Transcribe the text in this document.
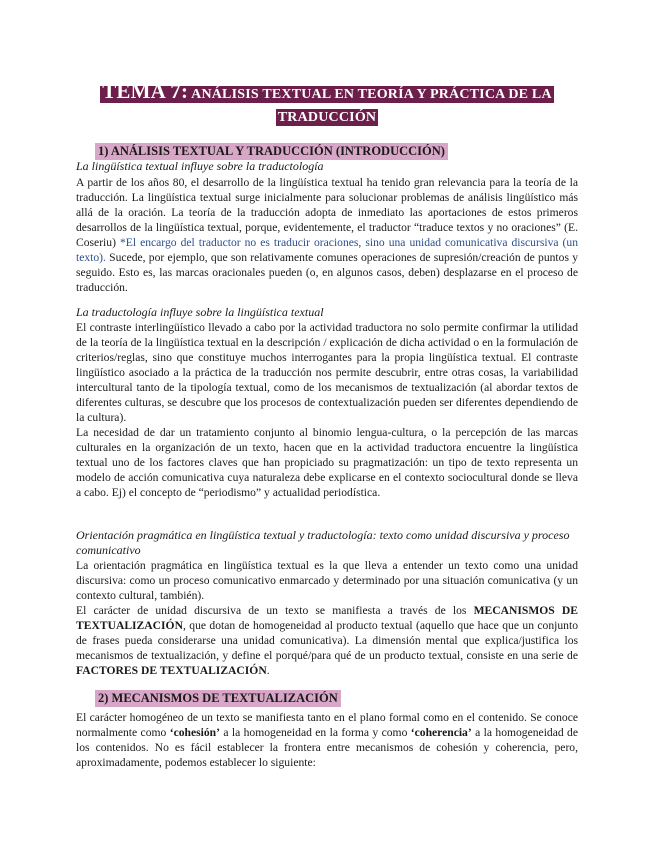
TEMA 7: ANÁLISIS TEXTUAL EN TEORÍA Y PRÁCTICA DE LA TRADUCCIÓN
1) ANÁLISIS TEXTUAL Y TRADUCCIÓN (INTRODUCCIÓN)
La lingüística textual influye sobre la traductología
A partir de los años 80, el desarrollo de la lingüística textual ha tenido gran relevancia para la teoría de la traducción. La lingüística textual surge inicialmente para solucionar problemas de análisis lingüístico más allá de la oración. La teoría de la traducción adopta de inmediato las aportaciones de estos primeros desarrollos de la lingüística textual, porque, evidentemente, el traductor “traduce textos y no oraciones” (E. Coseriu) *El encargo del traductor no es traducir oraciones, sino una unidad comunicativa discursiva (un texto). Sucede, por ejemplo, que son relativamente comunes operaciones de supresión/creación de puntos y seguido. Esto es, las marcas oracionales pueden (o, en algunos casos, deben) desplazarse en el proceso de traducción.
La traductología influye sobre la lingüística textual
El contraste interlingüístico llevado a cabo por la actividad traductora no solo permite confirmar la utilidad de la teoría de la lingüística textual en la descripción / explicación de dicha actividad o en la formulación de criterios/reglas, sino que constituye muchos interrogantes para la propia lingüística textual. El contraste lingüístico asociado a la práctica de la traducción nos permite descubrir, entre otras cosas, la variabilidad intercultural tanto de la tipología textual, como de los mecanismos de textualización (al abordar textos de diferentes culturas, se descubre que los procesos de contextualización pueden ser diferentes dependiendo de la cultura).
La necesidad de dar un tratamiento conjunto al binomio lengua-cultura, o la percepción de las marcas culturales en la organización de un texto, hacen que en la actividad traductora encuentre la lingüística textual uno de los factores claves que han propiciado su pragmatización: un tipo de texto representa un modelo de acción comunicativa cuya naturaleza debe explicarse en el contexto sociocultural donde se lleva a cabo. Ej) el concepto de “periodismo” y actualidad periodística.
Orientación pragmática en lingüística textual y traductología: texto como unidad discursiva y proceso comunicativo
La orientación pragmática en lingüística textual es la que lleva a entender un texto como una unidad discursiva: como un proceso comunicativo enmarcado y determinado por una situación comunicativa (y un contexto cultural, también).
El carácter de unidad discursiva de un texto se manifiesta a través de los MECANISMOS DE TEXTUALIZACIÓN, que dotan de homogeneidad al producto textual (aquello que hace que un conjunto de frases pueda considerarse una unidad comunicativa). La dimensión mental que explica/justifica los mecanismos de textualización, y define el porqué/para qué de un producto textual, consiste en una serie de FACTORES DE TEXTUALIZACIÓN.
2) MECANISMOS DE TEXTUALIZACIÓN
El carácter homogéneo de un texto se manifiesta tanto en el plano formal como en el contenido. Se conoce normalmente como ‘cohesión’ a la homogeneidad en la forma y como ‘coherencia’ a la homogeneidad de los contenidos. No es fácil establecer la frontera entre mecanismos de cohesión y coherencia, pero, aproximadamente, podemos establecer lo siguiente:
